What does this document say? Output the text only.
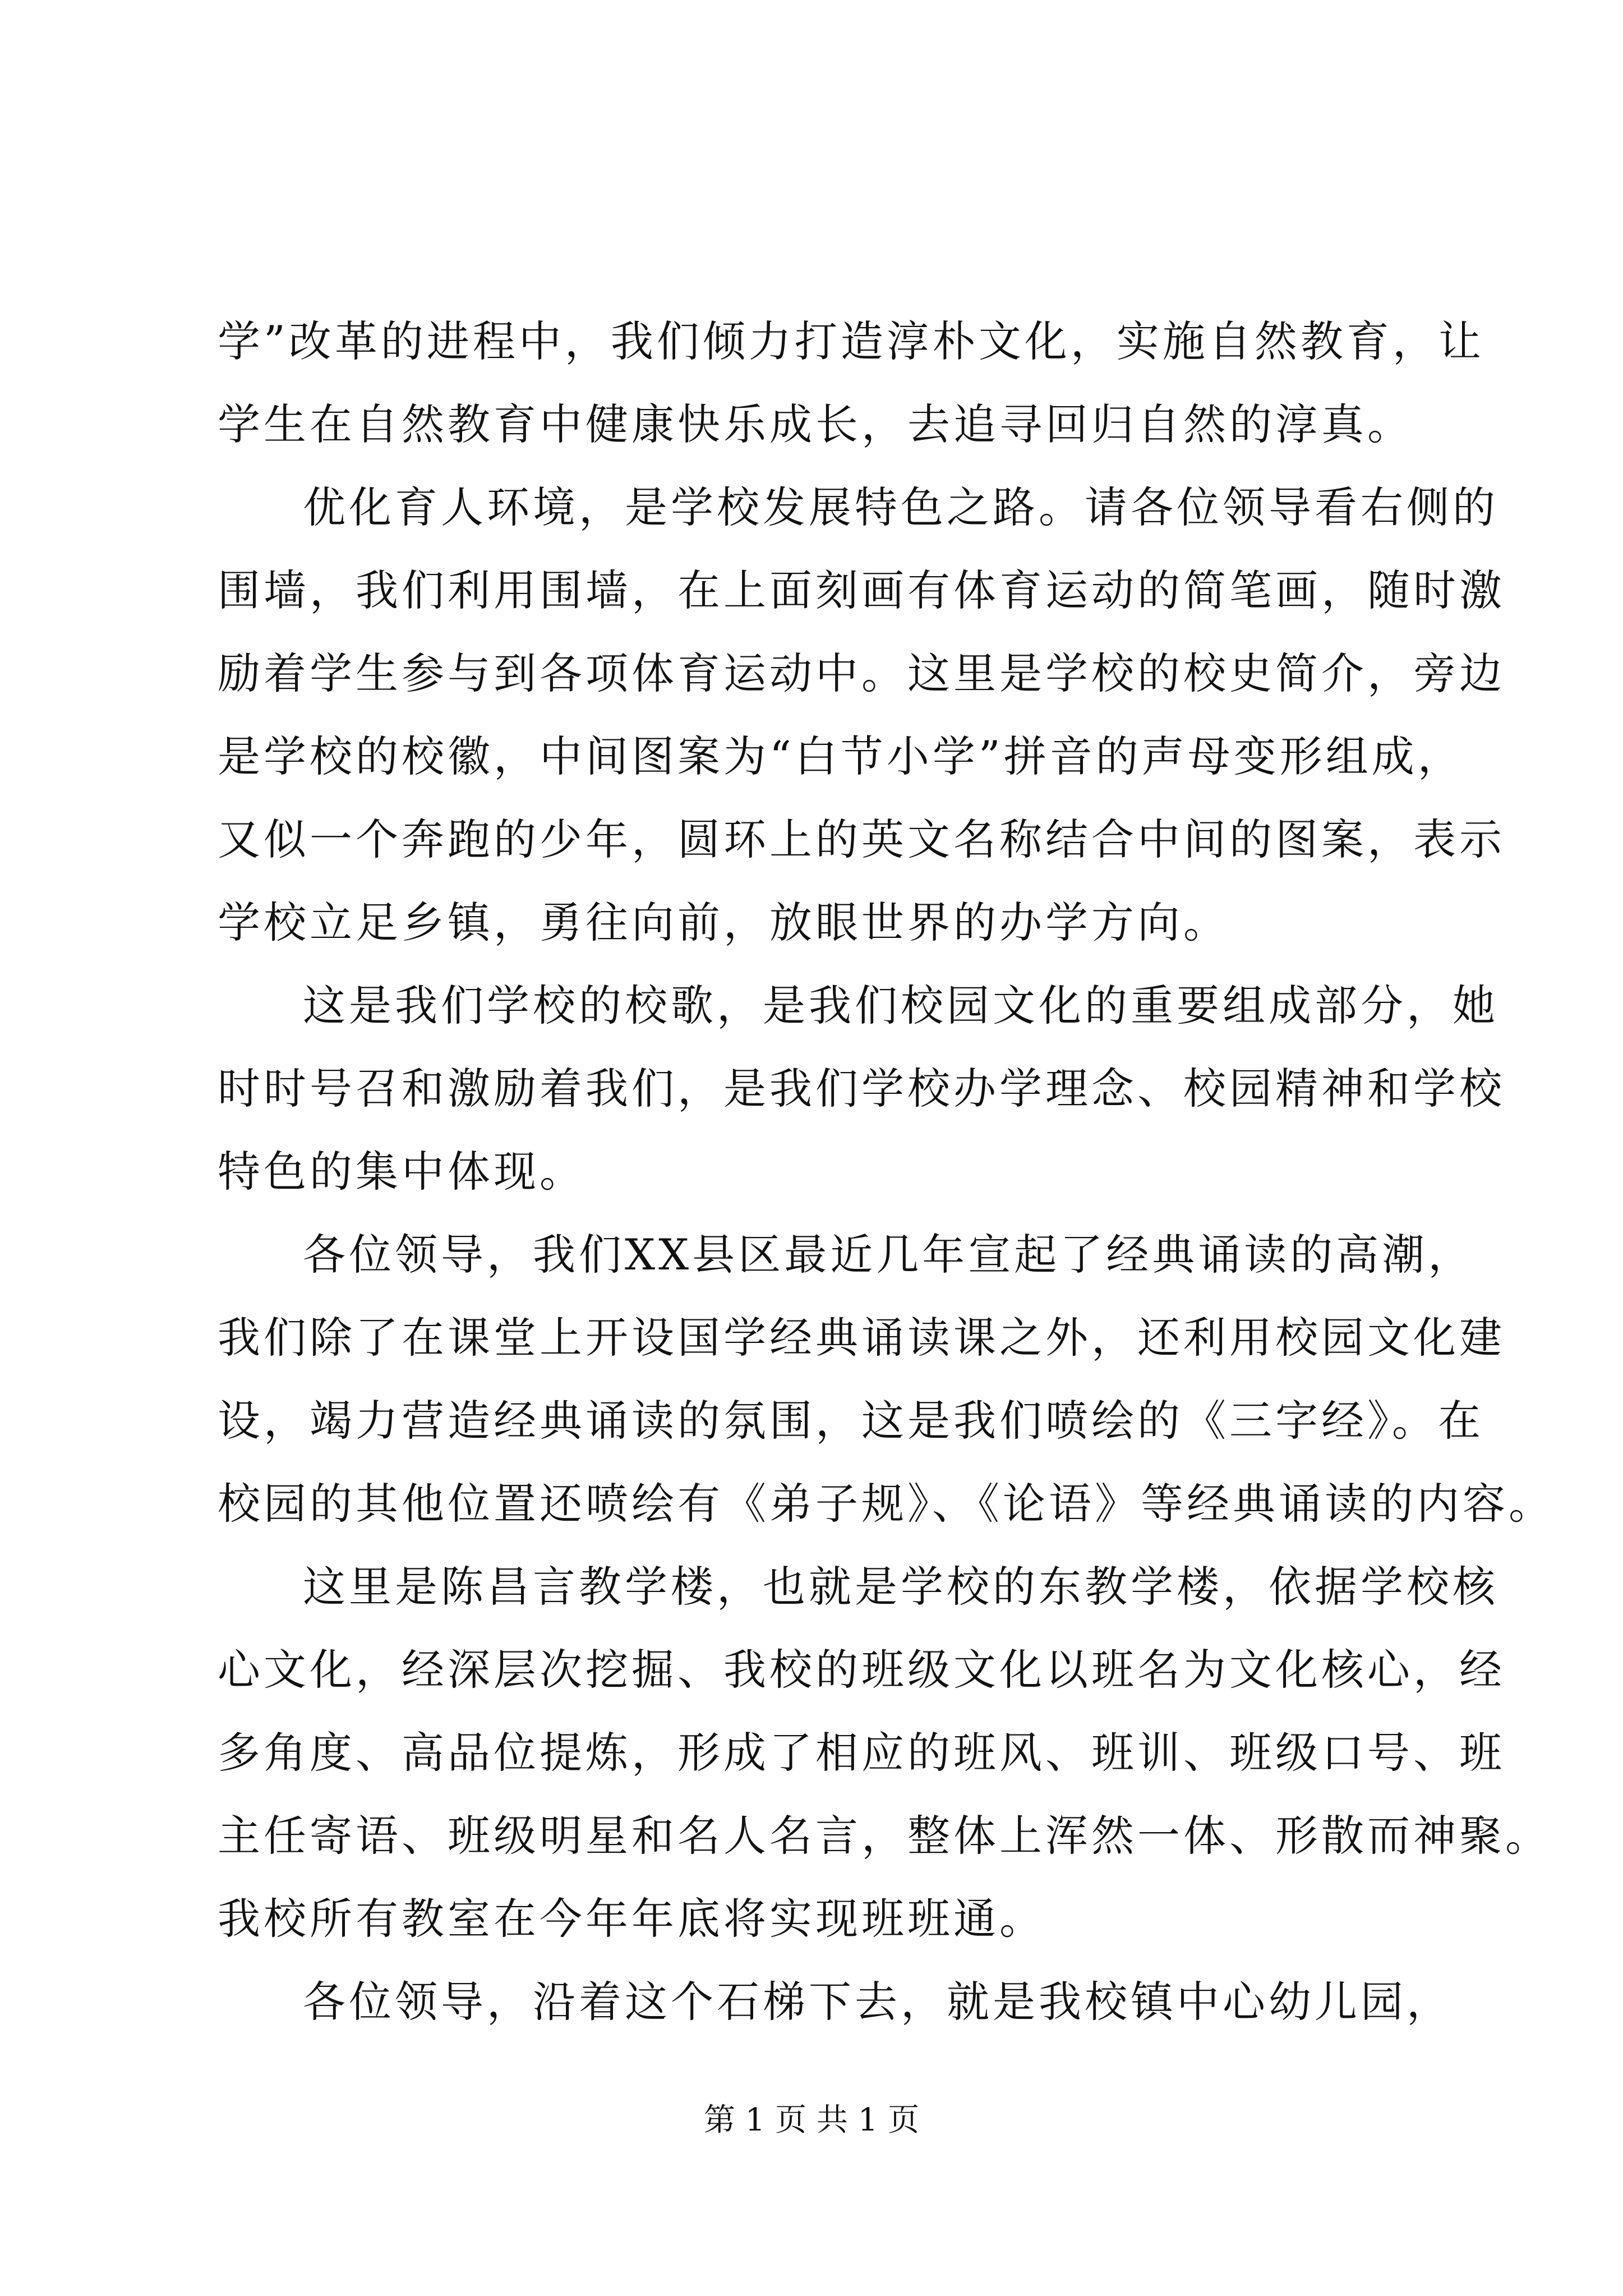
学”改革的进程中，我们倾力打造淳朴文化，实施自然教育，让
学生在自然教育中健康快乐成长，去追寻回归自然的淳真。
优化育人环境，是学校发展特色之路。请各位领导看右侧的
围墙，我们利用围墙，在上面刻画有体育运动的简笔画，随时激
励着学生参与到各项体育运动中。这里是学校的校史简介，旁边
是学校的校徽，中间图案为“白节小学”拼音的声母变形组成，
又似一个奔跑的少年，圆环上的英文名称结合中间的图案，表示
学校立足乡镇，勇往向前，放眼世界的办学方向。
这是我们学校的校歌，是我们校园文化的重要组成部分，她
时时号召和激励着我们，是我们学校办学理念、校园精神和学校
特色的集中体现。
各位领导，我们XX县区最近几年宣起了经典诵读的高潮，
我们除了在课堂上开设国学经典诵读课之外，还利用校园文化建
设，竭力营造经典诵读的氛围，这是我们喷绘的《三字经》。在
校园的其他位置还喷绘有《弟子规》、《论语》等经典诵读的内容。
这里是陈昌言教学楼，也就是学校的东教学楼，依据学校核
心文化，经深层次挖掘、我校的班级文化以班名为文化核心，经
多角度、高品位提炼，形成了相应的班风、班训、班级口号、班
主任寄语、班级明星和名人名言，整体上浑然一体、形散而神聚。
我校所有教室在今年年底将实现班班通。
各位领导，沿着这个石梯下去，就是我校镇中心幼儿园，
第 1 页 共 1 页
